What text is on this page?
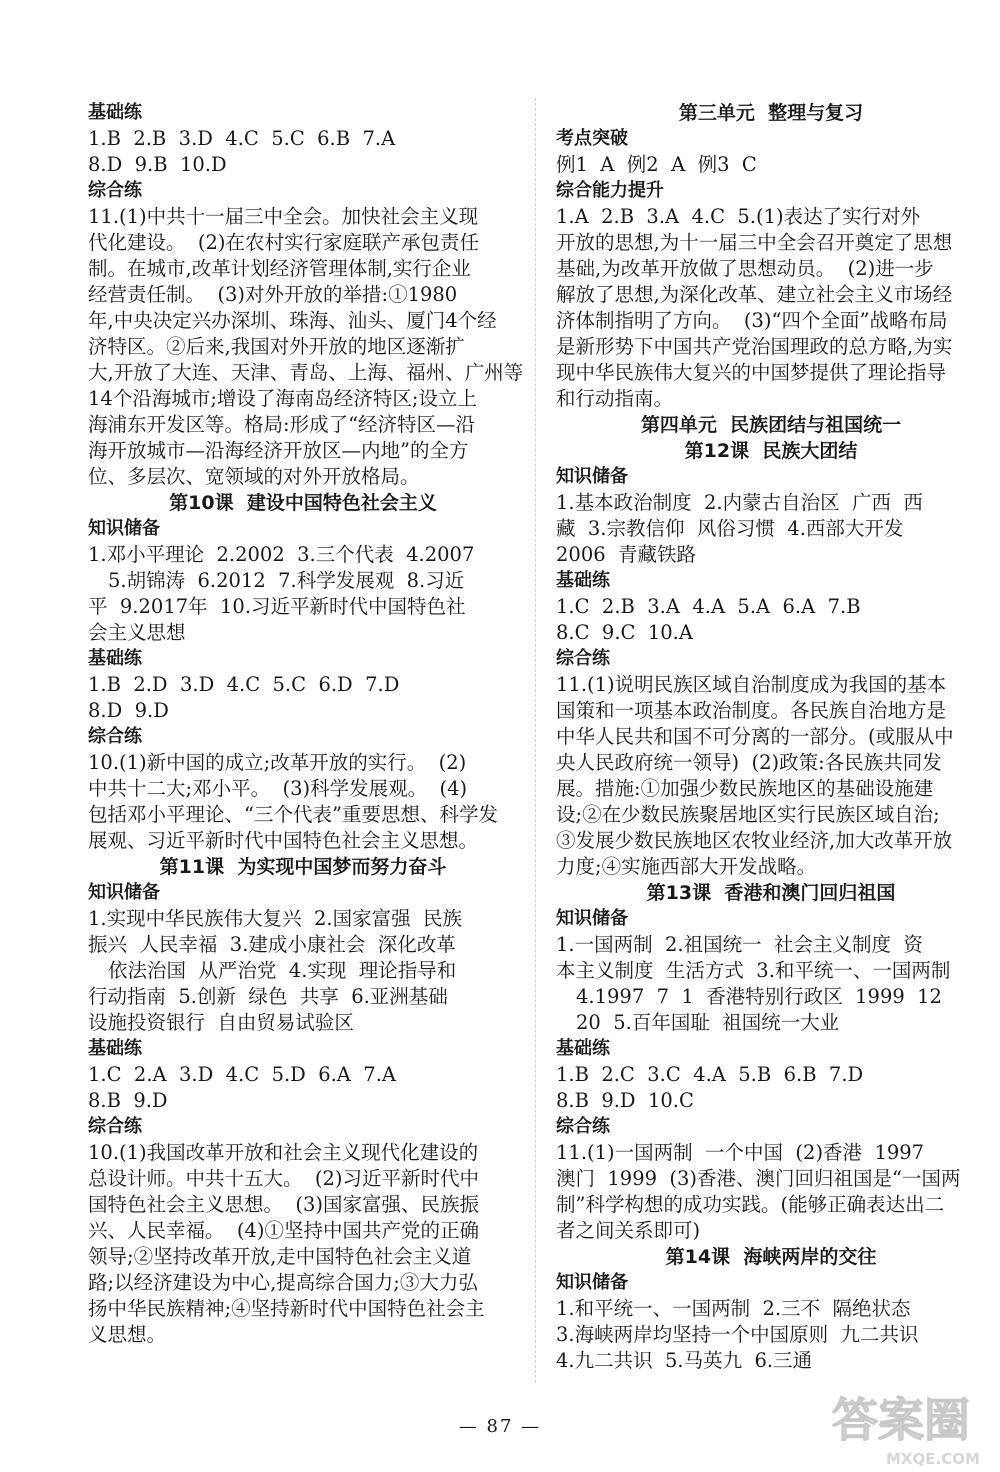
基础练
1.B  2.B  3.D  4.C  5.C  6.B  7.A
8.D  9.B  10.D
综合练
11.(1)中共十一届三中全会。加快社会主义现
代化建设。  (2)在农村实行家庭联产承包责任
制。在城市,改革计划经济管理体制,实行企业
经营责任制。  (3)对外开放的举措:①1980
年,中央决定兴办深圳、珠海、汕头、厦门4个经
济特区。②后来,我国对外开放的地区逐渐扩
大,开放了大连、天津、青岛、上海、福州、广州等
14个沿海城市;增设了海南岛经济特区;设立上
海浦东开发区等。格局:形成了“经济特区—沿
海开放城市—沿海经济开放区—内地”的全方
位、多层次、宽领域的对外开放格局。
第10课  建设中国特色社会主义
知识储备
1.邓小平理论  2.2002  3.三个代表  4.2007
5.胡锦涛  6.2012  7.科学发展观  8.习近
平  9.2017年  10.习近平新时代中国特色社
会主义思想
基础练
1.B  2.D  3.D  4.C  5.C  6.D  7.D
8.D  9.D
综合练
10.(1)新中国的成立;改革开放的实行。  (2)
中共十二大;邓小平。  (3)科学发展观。  (4)
包括邓小平理论、“三个代表”重要思想、科学发
展观、习近平新时代中国特色社会主义思想。
第11课  为实现中国梦而努力奋斗
知识储备
1.实现中华民族伟大复兴  2.国家富强  民族
振兴  人民幸福  3.建成小康社会  深化改革
依法治国  从严治党  4.实现  理论指导和
行动指南  5.创新  绿色  共享  6.亚洲基础
设施投资银行  自由贸易试验区
基础练
1.C  2.A  3.D  4.C  5.D  6.A  7.A
8.B  9.D
综合练
10.(1)我国改革开放和社会主义现代化建设的
总设计师。中共十五大。  (2)习近平新时代中
国特色社会主义思想。  (3)国家富强、民族振
兴、人民幸福。  (4)①坚持中国共产党的正确
领导;②坚持改革开放,走中国特色社会主义道
路;以经济建设为中心,提高综合国力;③大力弘
扬中华民族精神;④坚持新时代中国特色社会主
义思想。
第三单元  整理与复习
考点突破
例1  A  例2  A  例3  C
综合能力提升
1.A  2.B  3.A  4.C  5.(1)表达了实行对外
开放的思想,为十一届三中全会召开奠定了思想
基础,为改革开放做了思想动员。  (2)进一步
解放了思想,为深化改革、建立社会主义市场经
济体制指明了方向。  (3)“四个全面”战略布局
是新形势下中国共产党治国理政的总方略,为实
现中华民族伟大复兴的中国梦提供了理论指导
和行动指南。
第四单元  民族团结与祖国统一
第12课  民族大团结
知识储备
1.基本政治制度  2.内蒙古自治区  广西  西
藏  3.宗教信仰  风俗习惯  4.西部大开发
2006  青藏铁路
基础练
1.C  2.B  3.A  4.A  5.A  6.A  7.B
8.C  9.C  10.A
综合练
11.(1)说明民族区域自治制度成为我国的基本
国策和一项基本政治制度。各民族自治地方是
中华人民共和国不可分离的一部分。(或服从中
央人民政府统一领导)  (2)政策:各民族共同发
展。措施:①加强少数民族地区的基础设施建
设;②在少数民族聚居地区实行民族区域自治;
③发展少数民族地区农牧业经济,加大改革开放
力度;④实施西部大开发战略。
第13课  香港和澳门回归祖国
知识储备
1.一国两制  2.祖国统一  社会主义制度  资
本主义制度  生活方式  3.和平统一、一国两制
4.1997  7  1  香港特别行政区  1999  12
20  5.百年国耻  祖国统一大业
基础练
1.B  2.C  3.C  4.A  5.B  6.B  7.D
8.B  9.D  10.C
综合练
11.(1)一国两制  一个中国  (2)香港  1997
澳门  1999  (3)香港、澳门回归祖国是“一国两
制”科学构想的成功实践。(能够正确表达出二
者之间关系即可)
第14课  海峡两岸的交往
知识储备
1.和平统一、一国两制  2.三不  隔绝状态
3.海峡两岸均坚持一个中国原则  九二共识
4.九二共识  5.马英九  6.三通
— 87 —	答案圈
MXQE.COM
